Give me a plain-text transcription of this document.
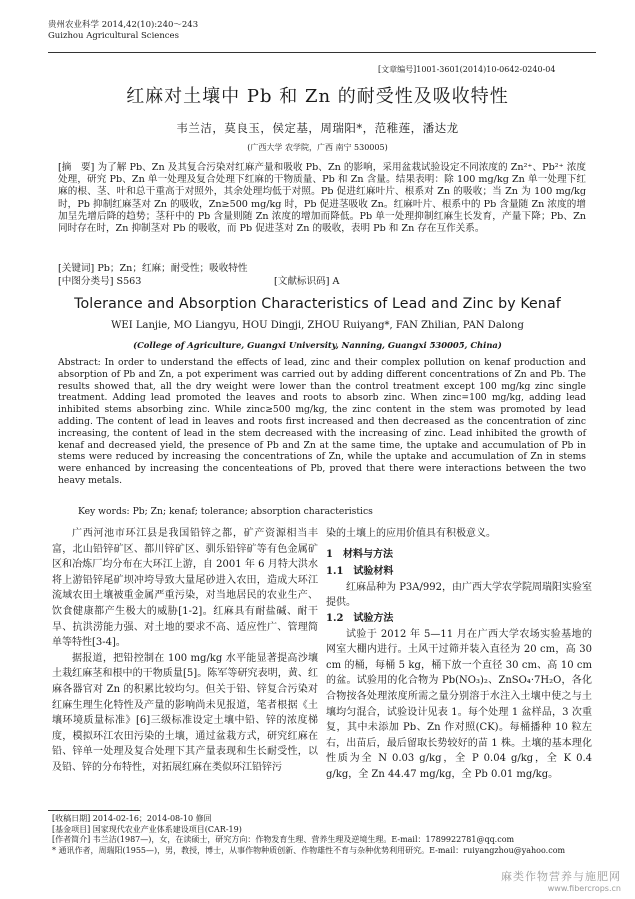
贵州农业科学 2014,42(10):240～243
Guizhou Agricultural Sciences
[文章编号]1001-3601(2014)10-0642-0240-04
红麻对土壤中 Pb 和 Zn 的耐受性及吸收特性
韦兰洁，莫良玉，侯定基，周瑞阳*，范稚莲，潘达龙
(广西大学 农学院，广西 南宁 530005)
[摘　要] 为了解 Pb、Zn 及其复合污染对红麻产量和吸收 Pb、Zn 的影响，采用盆栽试验设定不同浓度的 Zn²⁺、Pb²⁺ 浓度处理，研究 Pb、Zn 单一处理及复合处理下红麻的干物质量、Pb 和 Zn 含量。结果表明：除 100 mg/kg Zn 单一处理下红麻的根、茎、叶和总干重高于对照外，其余处理均低于对照。Pb 促进红麻叶片、根系对 Zn 的吸收；当 Zn 为 100 mg/kg 时，Pb 抑制红麻茎对 Zn 的吸收，Zn≥500 mg/kg 时，Pb 促进茎吸收 Zn。红麻叶片、根系中的 Pb 含量随 Zn 浓度的增加呈先增后降的趋势；茎秆中的 Pb 含量则随 Zn 浓度的增加而降低。Pb 单一处理抑制红麻生长发育，产量下降；Pb、Zn 同时存在时，Zn 抑制茎对 Pb 的吸收，而 Pb 促进茎对 Zn 的吸收，表明 Pb 和 Zn 存在互作关系。
[关键词] Pb；Zn；红麻；耐受性；吸收特性
[中图分类号] S563	[文献标识码] A
Tolerance and Absorption Characteristics of Lead and Zinc by Kenaf
WEI Lanjie, MO Liangyu, HOU Dingji, ZHOU Ruiyang*, FAN Zhilian, PAN Dalong
(College of Agriculture, Guangxi University, Nanning, Guangxi 530005, China)
Abstract: In order to understand the effects of lead, zinc and their complex pollution on kenaf production and absorption of Pb and Zn, a pot experiment was carried out by adding different concentrations of Zn and Pb. The results showed that, all the dry weight were lower than the control treatment except 100 mg/kg zinc single treatment. Adding lead promoted the leaves and roots to absorb zinc. When zinc=100 mg/kg, adding lead inhibited stems absorbing zinc. While zinc≥500 mg/kg, the zinc content in the stem was promoted by lead adding. The content of lead in leaves and roots first increased and then decreased as the concentration of zinc increasing, the content of lead in the stem decreased with the increasing of zinc. Lead inhibited the growth of kenaf and decreased yield, the presence of Pb and Zn at the same time, the uptake and accumulation of Pb in stems were reduced by increasing the concentrations of Zn, while the uptake and accumulation of Zn in stems were enhanced by increasing the concenteations of Pb, proved that there were interactions between the two heavy metals.
Key words: Pb; Zn; kenaf; tolerance; absorption characteristics

广西河池市环江县是我国铅锌之都，矿产资源相当丰富，北山铅锌矿区、都川锌矿区、驯乐铅锌矿等有色金属矿区和冶炼厂均分布在大环江上游，自 2001 年 6 月特大洪水将上游铅锌尾矿坝冲垮导致大量尾砂进入农田，造成大环江流域农田土壤被重金属严重污染，对当地居民的农业生产、饮食健康都产生极大的威胁[1-2]。红麻具有耐盐碱、耐干旱、抗洪涝能力强、对土地的要求不高、适应性广、管理简单等特性[3-4]。

据报道，把铅控制在 100 mg/kg 水平能显著提高沙壤土栽红麻茎和根中的干物质量[5]。陈军等研究表明，黄、红麻各器官对 Zn 的积累比较均匀。但关于铅、锌复合污染对红麻生理生化特性及产量的影响尚未见报道，笔者根据《土壤环境质量标准》[6]三级标准设定土壤中铅、锌的浓度梯度，模拟环江农田污染的土壤，通过盆栽方式，研究红麻在铅、锌单一处理及复合处理下其产量表现和生长耐受性，以及铅、锌的分布特性，对拓展红麻在类似环江铅锌污

染的土壤上的应用价值具有积极意义。
1　材料与方法
1.1　试验材料

红麻品种为 P3A/992，由广西大学农学院周瑞阳实验室提供。

1.2　试验方法

试验于 2012 年 5—11 月在广西大学农场实验基地的网室大棚内进行。土风干过筛并装入直径为 20 cm，高 30 cm 的桶，每桶 5 kg，桶下放一个直径 30 cm、高 10 cm 的盆。试验用的化合物为 Pb(NO₃)₂、ZnSO₄·7H₂O，各化合物按各处理浓度所需之量分别溶于水注入土壤中使之与土壤均匀混合，试验设计见表 1。每个处理 1 盆样品，3 次重复，其中未添加 Pb、Zn 作对照(CK)。每桶播种 10 粒左右，出苗后，最后留取长势较好的苗 1 株。土壤的基本理化性质为全 N 0.03 g/kg，全 P 0.04 g/kg，全 K 0.4 g/kg，全 Zn 44.47 mg/kg，全 Pb 0.01 mg/kg。

[收稿日期] 2014-02-16；2014-08-10 修回
[基金项目] 国家现代农业产业体系建设项目(CAR-19)
[作者简介] 韦兰洁(1987—)，女，在读硕士，研究方向：作物发育生理、营养生理及逆境生理。E-mail：1789922781@qq.com
* 通讯作者，周瑞阳(1955—)，男，教授，博士，从事作物种质创新、作物雄性不育与杂种优势利用研究。E-mail：ruiyangzhou@yahoo.com
麻类作物营养与施肥网
www.fibercrops.cn
